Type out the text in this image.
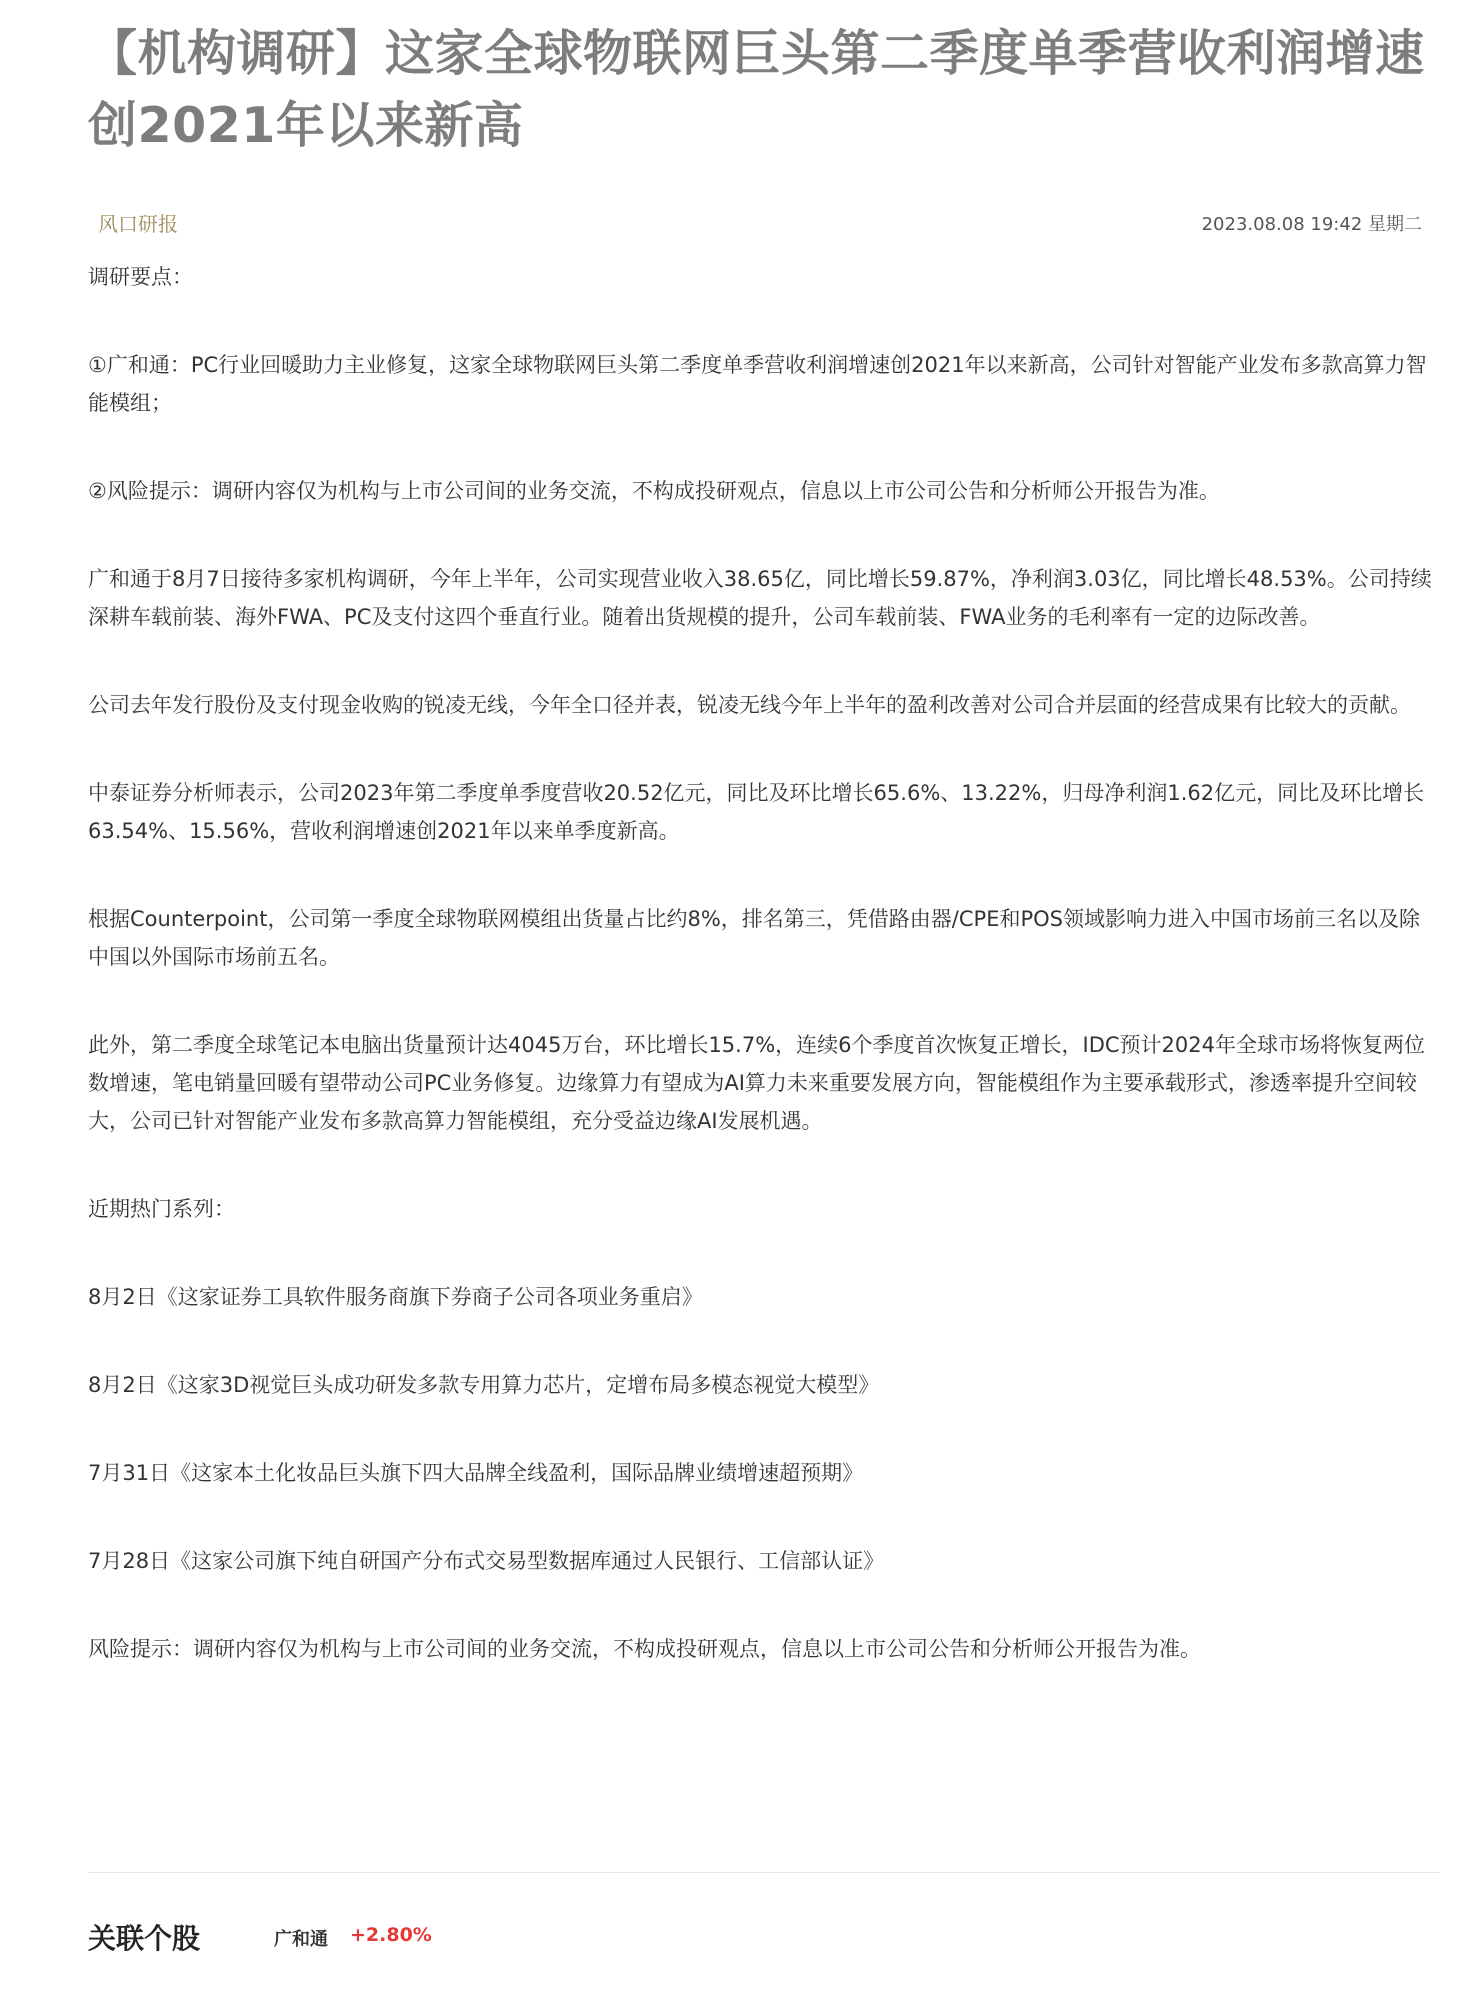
【机构调研】这家全球物联网巨头第二季度单季营收利润增速创2021年以来新高
风口研报	2023.08.08 19:42 星期二

调研要点：

①广和通：PC行业回暖助力主业修复，这家全球物联网巨头第二季度单季营收利润增速创2021年以来新高，公司针对智能产业发布多款高算力智能模组；

②风险提示：调研内容仅为机构与上市公司间的业务交流，不构成投研观点，信息以上市公司公告和分析师公开报告为准。

广和通于8月7日接待多家机构调研，今年上半年，公司实现营业收入38.65亿，同比增长59.87%，净利润3.03亿，同比增长48.53%。公司持续深耕车载前装、海外FWA、PC及支付这四个垂直行业。随着出货规模的提升，公司车载前装、FWA业务的毛利率有一定的边际改善。

公司去年发行股份及支付现金收购的锐凌无线，今年全口径并表，锐凌无线今年上半年的盈利改善对公司合并层面的经营成果有比较大的贡献。

中泰证券分析师表示，公司2023年第二季度单季度营收20.52亿元，同比及环比增长65.6%、13.22%，归母净利润1.62亿元，同比及环比增长63.54%、15.56%，营收利润增速创2021年以来单季度新高。

根据Counterpoint，公司第一季度全球物联网模组出货量占比约8%，排名第三，凭借路由器/CPE和POS领域影响力进入中国市场前三名以及除中国以外国际市场前五名。

此外，第二季度全球笔记本电脑出货量预计达4045万台，环比增长15.7%，连续6个季度首次恢复正增长，IDC预计2024年全球市场将恢复两位数增速，笔电销量回暖有望带动公司PC业务修复。边缘算力有望成为AI算力未来重要发展方向，智能模组作为主要承载形式，渗透率提升空间较大，公司已针对智能产业发布多款高算力智能模组，充分受益边缘AI发展机遇。

近期热门系列：

8月2日《这家证券工具软件服务商旗下券商子公司各项业务重启》

8月2日《这家3D视觉巨头成功研发多款专用算力芯片，定增布局多模态视觉大模型》

7月31日《这家本土化妆品巨头旗下四大品牌全线盈利，国际品牌业绩增速超预期》

7月28日《这家公司旗下纯自研国产分布式交易型数据库通过人民银行、工信部认证》

风险提示：调研内容仅为机构与上市公司间的业务交流，不构成投研观点，信息以上市公司公告和分析师公开报告为准。

关联个股	广和通 +2.80%
